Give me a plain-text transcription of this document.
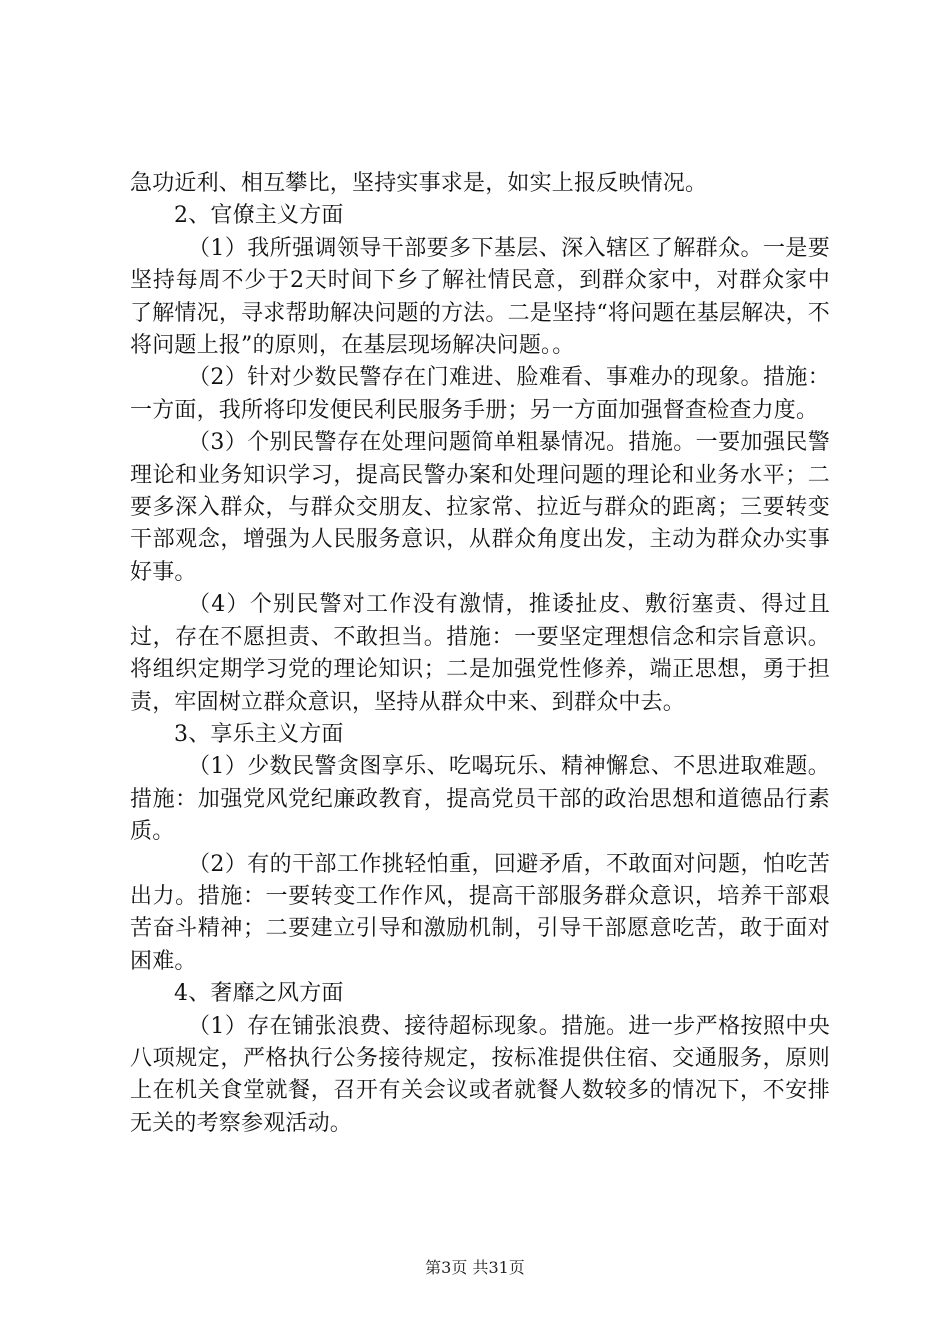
急功近利、相互攀比，坚持实事求是，如实上报反映情况。

2、官僚主义方面

（1）我所强调领导干部要多下基层、深入辖区了解群众。一是要坚持每周不少于2天时间下乡了解社情民意，到群众家中，对群众家中了解情况，寻求帮助解决问题的方法。二是坚持“将问题在基层解决，不将问题上报”的原则，在基层现场解决问题。。

（2）针对少数民警存在门难进、脸难看、事难办的现象。措施：一方面，我所将印发便民利民服务手册；另一方面加强督查检查力度。

（3）个别民警存在处理问题简单粗暴情况。措施。一要加强民警理论和业务知识学习，提高民警办案和处理问题的理论和业务水平；二要多深入群众，与群众交朋友、拉家常、拉近与群众的距离；三要转变干部观念，增强为人民服务意识，从群众角度出发，主动为群众办实事好事。

（4）个别民警对工作没有激情，推诿扯皮、敷衍塞责、得过且过，存在不愿担责、不敢担当。措施：一要坚定理想信念和宗旨意识。将组织定期学习党的理论知识；二是加强党性修养，端正思想，勇于担责，牢固树立群众意识，坚持从群众中来、到群众中去。

3、享乐主义方面

（1）少数民警贪图享乐、吃喝玩乐、精神懈怠、不思进取难题。措施：加强党风党纪廉政教育，提高党员干部的政治思想和道德品行素质。

（2）有的干部工作挑轻怕重，回避矛盾，不敢面对问题，怕吃苦出力。措施：一要转变工作作风，提高干部服务群众意识，培养干部艰苦奋斗精神；二要建立引导和激励机制，引导干部愿意吃苦，敢于面对困难。

4、奢靡之风方面

（1）存在铺张浪费、接待超标现象。措施。进一步严格按照中央八项规定，严格执行公务接待规定，按标准提供住宿、交通服务，原则上在机关食堂就餐，召开有关会议或者就餐人数较多的情况下，不安排无关的考察参观活动。

第3页 共31页
